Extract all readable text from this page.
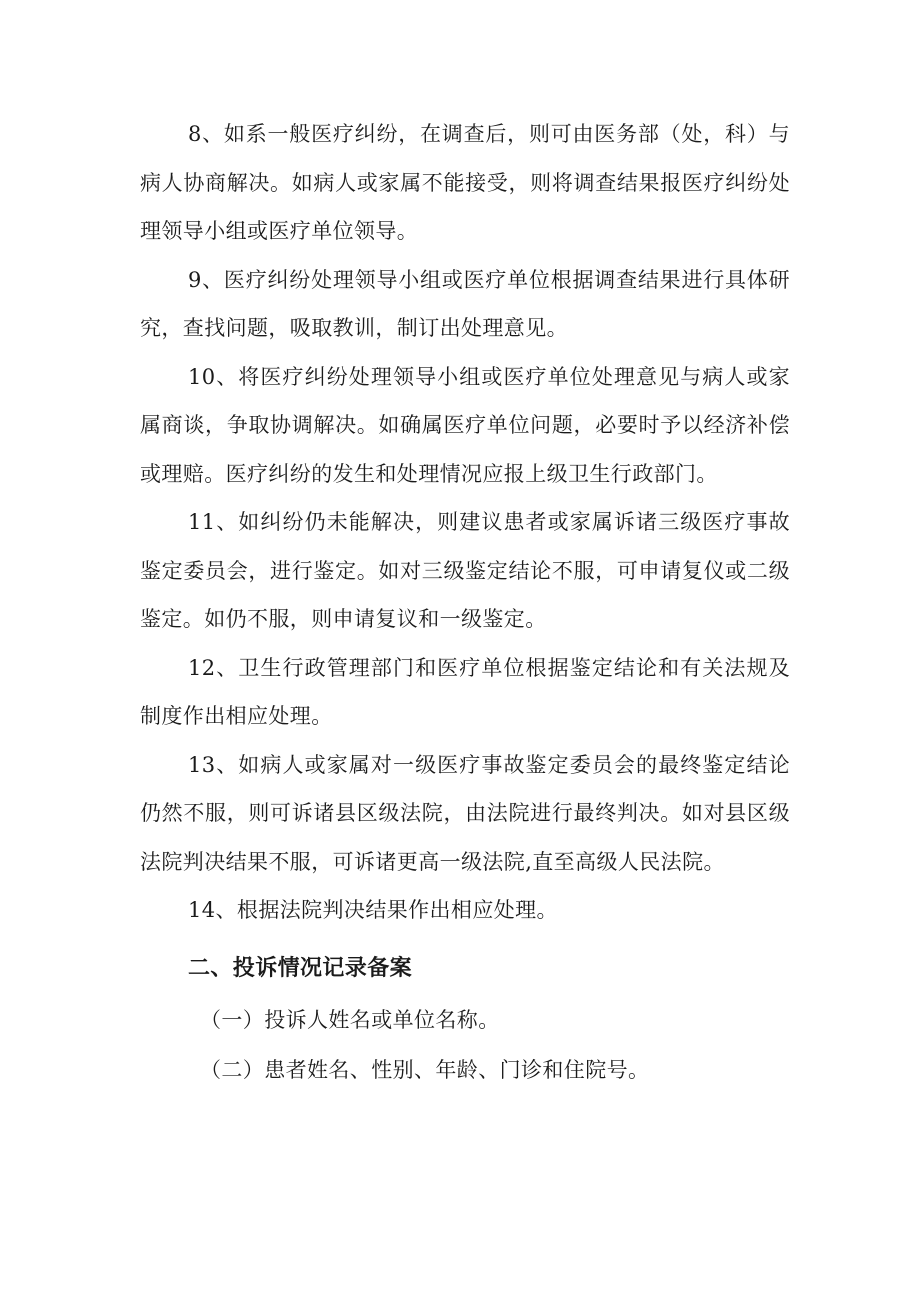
8、如系一般医疗纠纷，在调查后，则可由医务部（处，科）与病人协商解决。如病人或家属不能接受，则将调查结果报医疗纠纷处理领导小组或医疗单位领导。

9、医疗纠纷处理领导小组或医疗单位根据调查结果进行具体研究，查找问题，吸取教训，制订出处理意见。

10、将医疗纠纷处理领导小组或医疗单位处理意见与病人或家属商谈，争取协调解决。如确属医疗单位问题，必要时予以经济补偿或理赔。医疗纠纷的发生和处理情况应报上级卫生行政部门。

11、如纠纷仍未能解决，则建议患者或家属诉诸三级医疗事故鉴定委员会，进行鉴定。如对三级鉴定结论不服，可申请复仪或二级鉴定。如仍不服，则申请复议和一级鉴定。

12、卫生行政管理部门和医疗单位根据鉴定结论和有关法规及制度作出相应处理。

13、如病人或家属对一级医疗事故鉴定委员会的最终鉴定结论仍然不服，则可诉诸县区级法院，由法院进行最终判决。如对县区级法院判决结果不服，可诉诸更高一级法院,直至高级人民法院。

14、根据法院判决结果作出相应处理。

二、投诉情况记录备案
（一）投诉人姓名或单位名称。
（二）患者姓名、性别、年龄、门诊和住院号。
